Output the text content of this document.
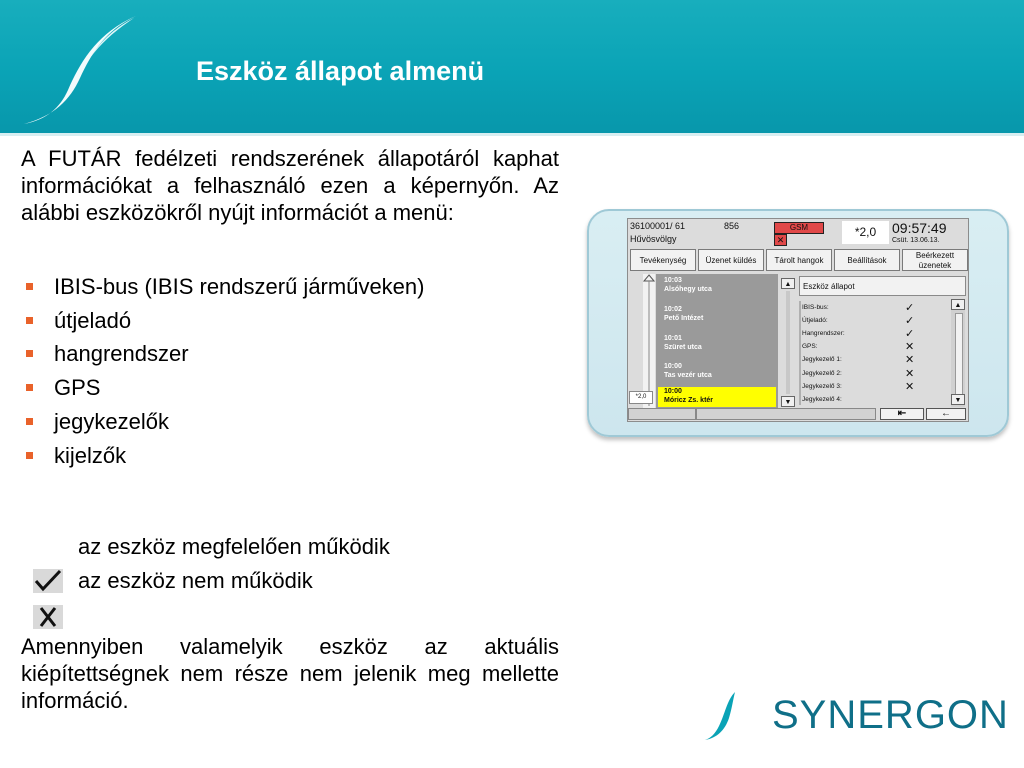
Eszköz állapot almenü

A FUTÁR fedélzeti rendszerének állapotáról kaphat információkat a felhasználó ezen a képernyőn. Az alábbi eszközökről nyújt információt a menü:

IBIS-bus (IBIS rendszerű járműveken)
útjeladó
hangrendszer
GPS
jegykezelők
kijelzők
az eszköz megfelelően működik
az eszköz nem működik

Amennyiben valamelyik eszköz az aktuális kiépítettségnek nem része nem jelenik meg mellette információ.

36100001/ 61	856
Hűvösvölgy
GSM
✕
*2,0	09:57:49
Csüt. 13.06.13.
Tevékenység	Üzenet küldés	Tárolt hangok	Beállítások
Beérkezett üzenetek
10:03
Alsóhegy utca
10:02
Pető Intézet
10:01
Szüret utca
10:00
Tas vezér utca
10:00
Móricz Zs. ktér
*2,0
▲
▼
Eszköz állapot
IBIS-bus:	✓
Útjeladó:	✓
Hangrendszer:	✓
GPS:	✕
Jegykezelő 1:	✕
Jegykezelő 2:	✕
Jegykezelő 3:	✕
Jegykezelő 4:
▲
▼
⇤	←
SYNERGON
